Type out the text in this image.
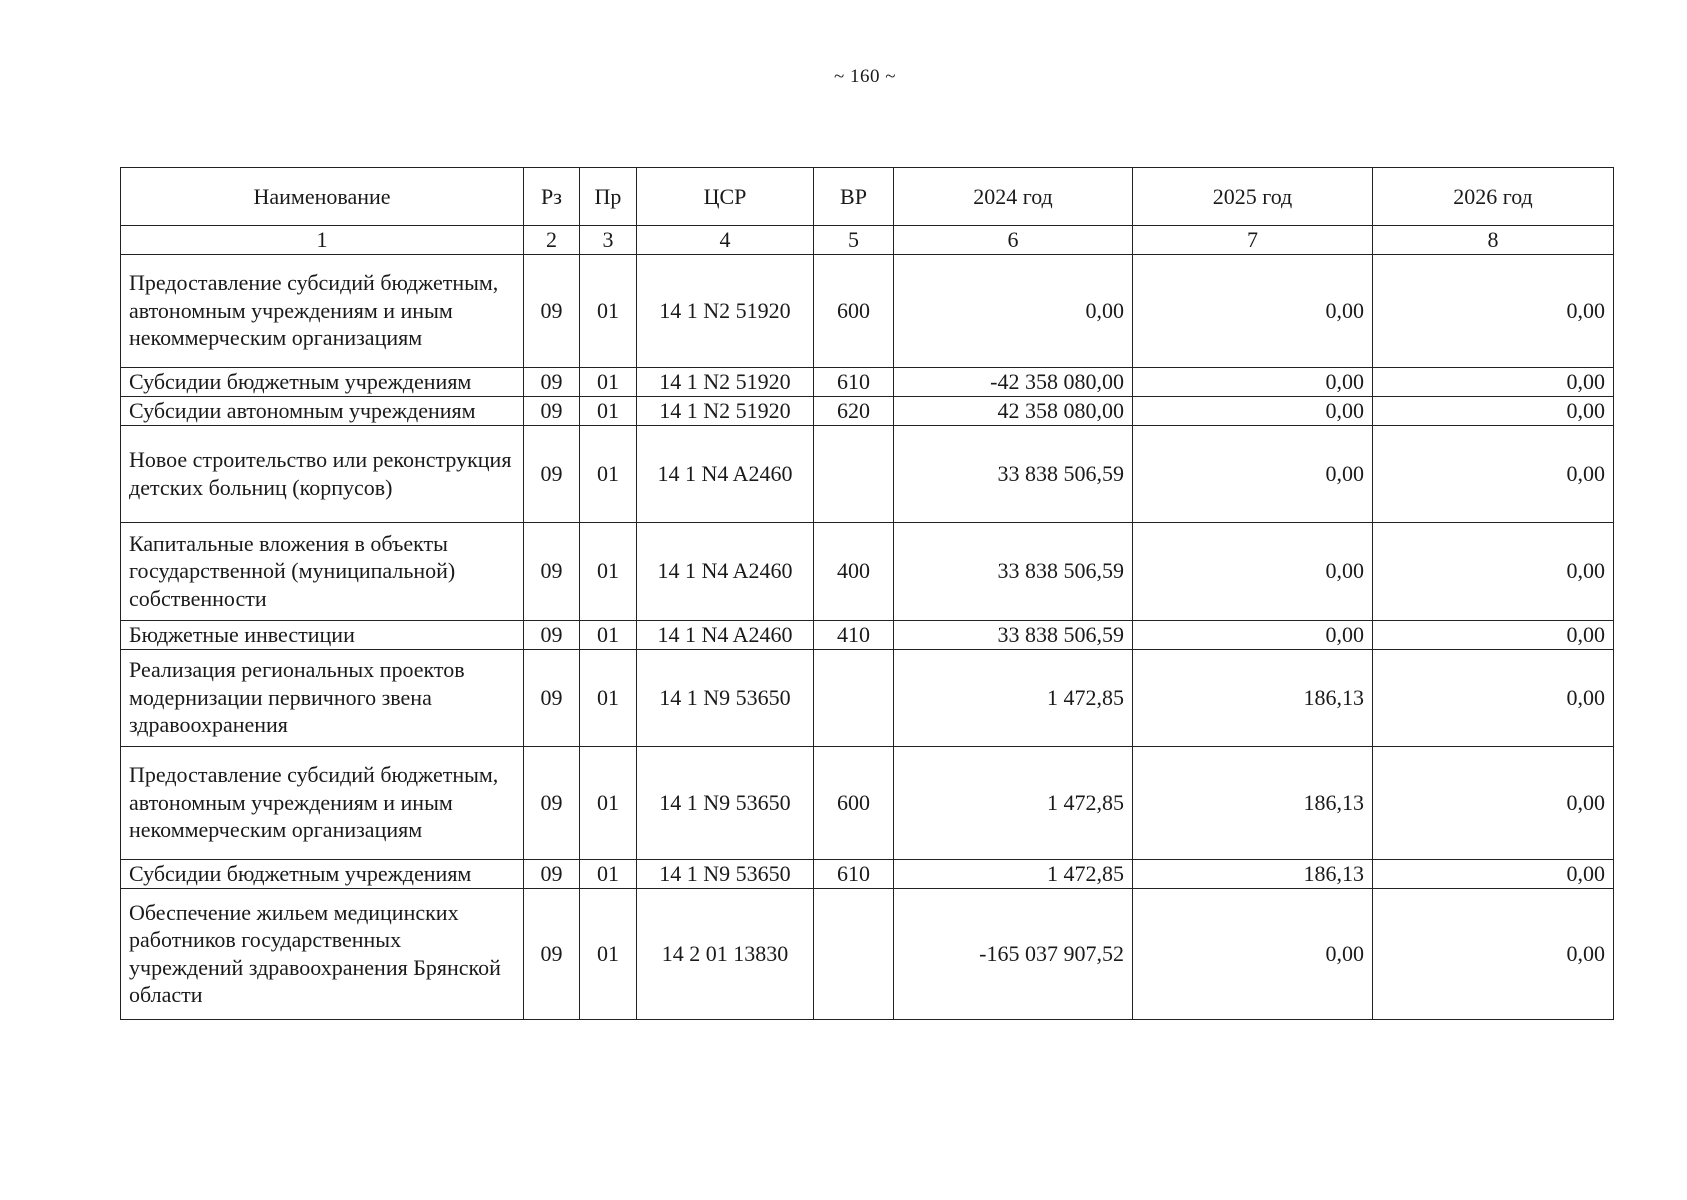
~ 160 ~
Наименование	Рз	Пр	ЦСР	ВР	2024 год	2025 год	2026 год
1	2	3	4	5	6	7	8
Предоставление субсидий бюджетным, автономным учреждениям и иным некоммерческим организациям	09	01	14 1 N2 51920	600	0,00	0,00	0,00
Субсидии бюджетным учреждениям	09	01	14 1 N2 51920	610	-42 358 080,00	0,00	0,00
Субсидии автономным учреждениям	09	01	14 1 N2 51920	620	42 358 080,00	0,00	0,00
Новое строительство или реконструкция детских больниц (корпусов)	09	01	14 1 N4 A2460		33 838 506,59	0,00	0,00
Капитальные вложения в объекты государственной (муниципальной) собственности	09	01	14 1 N4 A2460	400	33 838 506,59	0,00	0,00
Бюджетные инвестиции	09	01	14 1 N4 A2460	410	33 838 506,59	0,00	0,00
Реализация региональных проектов модернизации первичного звена здравоохранения	09	01	14 1 N9 53650		1 472,85	186,13	0,00
Предоставление субсидий бюджетным, автономным учреждениям и иным некоммерческим организациям	09	01	14 1 N9 53650	600	1 472,85	186,13	0,00
Субсидии бюджетным учреждениям	09	01	14 1 N9 53650	610	1 472,85	186,13	0,00
Обеспечение жильем медицинских работников государственных учреждений здравоохранения Брянской области	09	01	14 2 01 13830		-165 037 907,52	0,00	0,00
